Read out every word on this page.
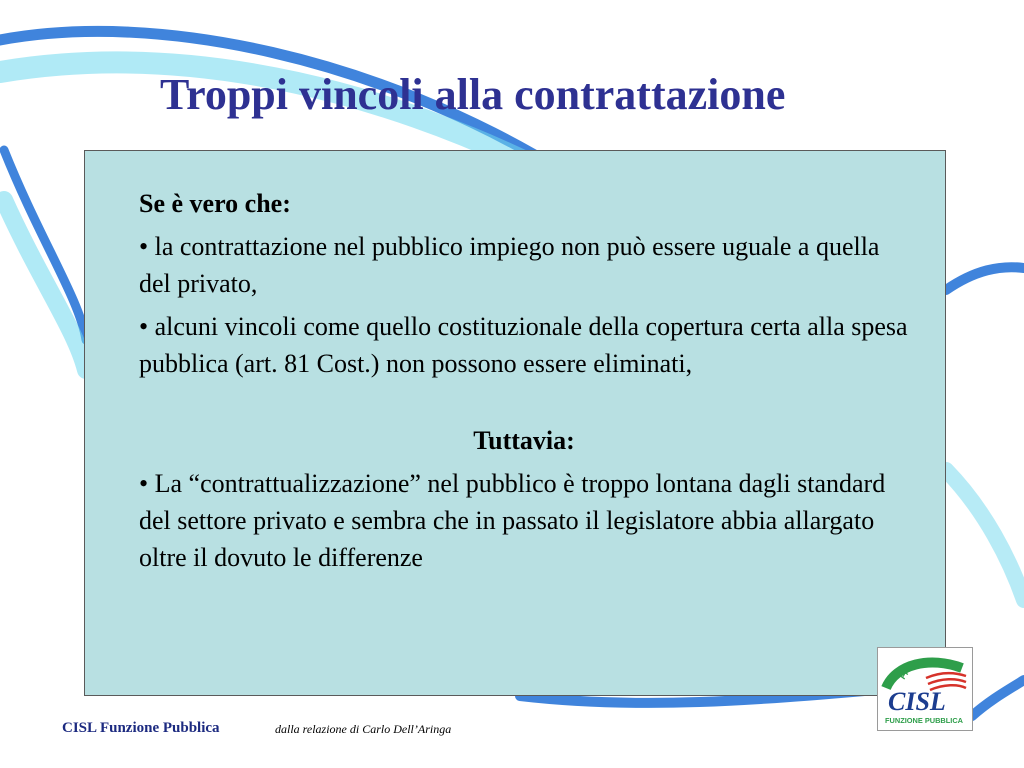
Troppi vincoli alla contrattazione

Se è vero che:

• la contrattazione nel pubblico impiego non può essere uguale a quella del privato,

• alcuni vincoli come quello costituzionale della copertura certa alla spesa pubblica (art. 81 Cost.) non possono essere eliminati,

Tuttavia:

• La “contrattualizzazione” nel pubblico è troppo lontana dagli standard del settore privato e sembra che in passato il legislatore abbia allargato oltre il dovuto le differenze

FPS
CISL
FUNZIONE PUBBLICA
CISL Funzione Pubblica	dalla relazione di Carlo Dell’Aringa
